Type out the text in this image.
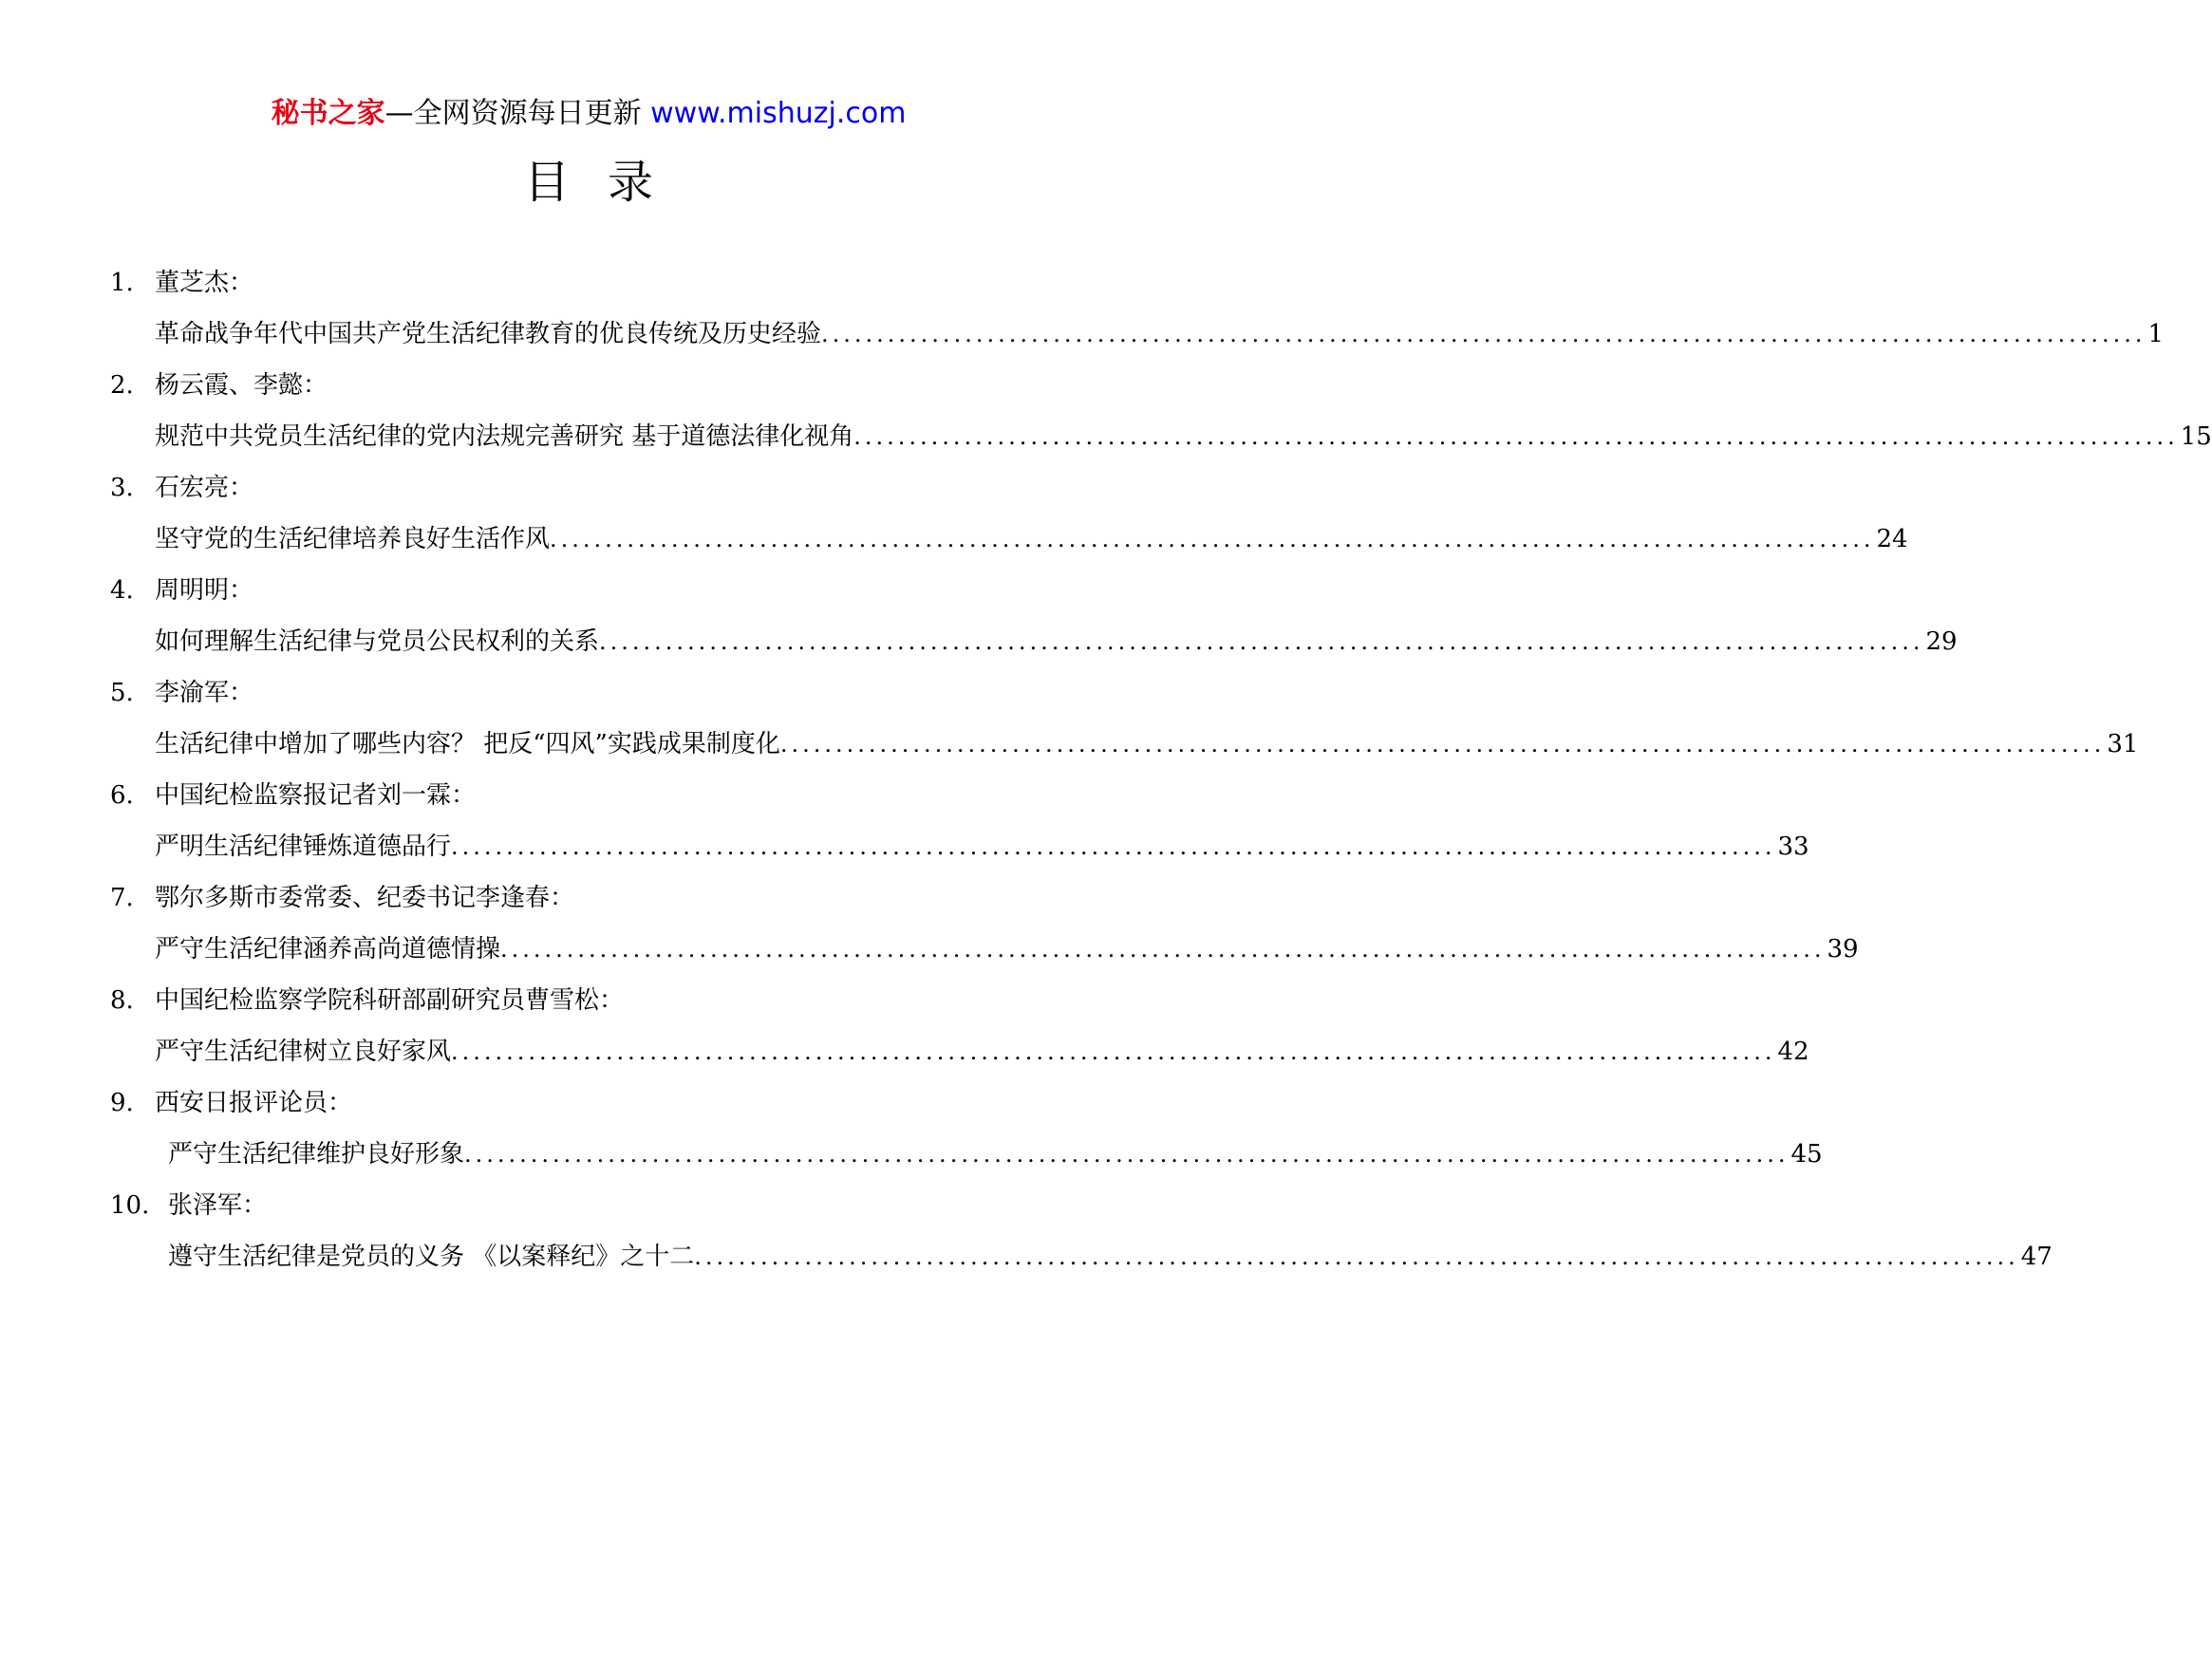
秘书之家—全网资源每日更新 www.mishuzj.com
目录
1. 董芝杰：
革命战争年代中国共产党生活纪律教育的优良传统及历史经验 ........................................................................................................................ 1
2. 杨云霞、李懿：
规范中共党员生活纪律的党内法规完善研究 基于道德法律化视角 ........................................................................................................................ 15
3. 石宏亮：
坚守党的生活纪律培养良好生活作风 ........................................................................................................................ 24
4. 周明明：
如何理解生活纪律与党员公民权利的关系 ........................................................................................................................ 29
5. 李渝军：
生活纪律中增加了哪些内容？ 把反“四风”实践成果制度化 ........................................................................................................................ 31
6. 中国纪检监察报记者刘一霖：
严明生活纪律锤炼道德品行 ........................................................................................................................ 33
7. 鄂尔多斯市委常委、纪委书记李逢春：
严守生活纪律涵养高尚道德情操 ........................................................................................................................ 39
8. 中国纪检监察学院科研部副研究员曹雪松：
严守生活纪律树立良好家风 ........................................................................................................................ 42
9. 西安日报评论员：
严守生活纪律维护良好形象 ........................................................................................................................ 45
10. 张泽军：
遵守生活纪律是党员的义务 《以案释纪》之十二 ........................................................................................................................ 47
